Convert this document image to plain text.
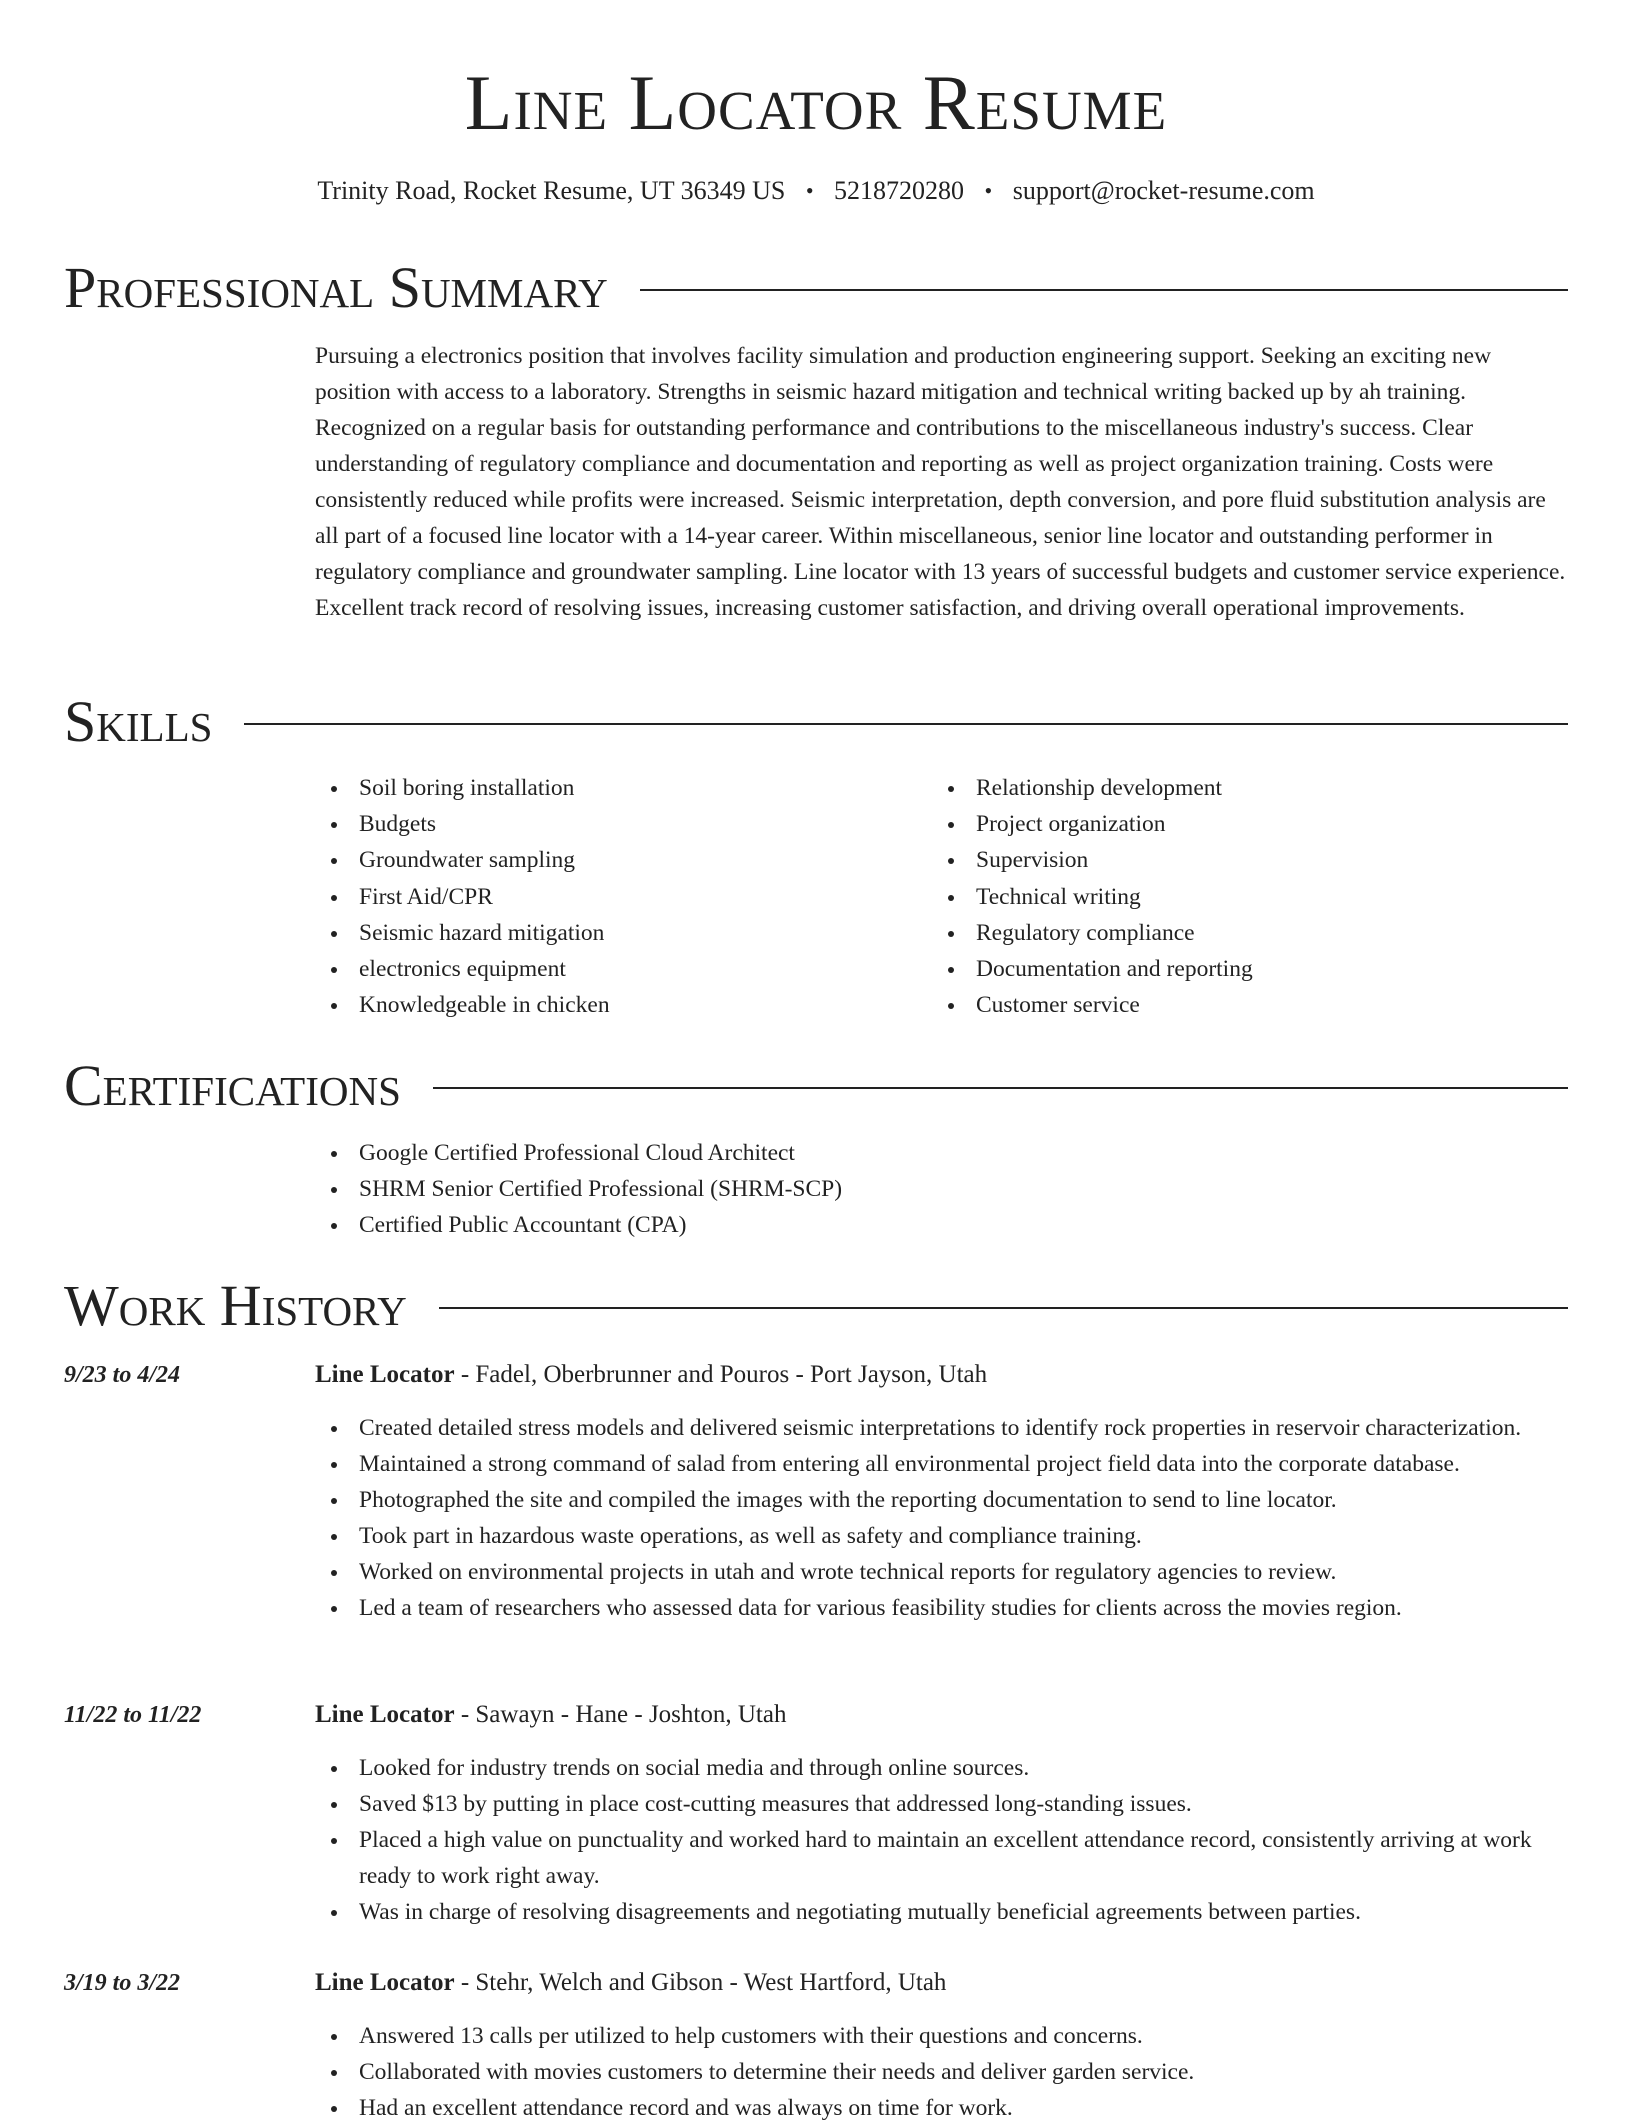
Line Locator Resume
Trinity Road, Rocket Resume, UT 36349 US • 5218720280 • support@rocket-resume.com
Professional Summary

Pursuing a electronics position that involves facility simulation and production engineering support. Seeking an exciting new position with access to a laboratory. Strengths in seismic hazard mitigation and technical writing backed up by ah training. Recognized on a regular basis for outstanding performance and contributions to the miscellaneous industry's success. Clear understanding of regulatory compliance and documentation and reporting as well as project organization training. Costs were consistently reduced while profits were increased. Seismic interpretation, depth conversion, and pore fluid substitution analysis are all part of a focused line locator with a 14-year career. Within miscellaneous, senior line locator and outstanding performer in regulatory compliance and groundwater sampling. Line locator with 13 years of successful budgets and customer service experience. Excellent track record of resolving issues, increasing customer satisfaction, and driving overall operational improvements.

Skills
Soil boring installation
Budgets
Groundwater sampling
First Aid/CPR
Seismic hazard mitigation
electronics equipment
Knowledgeable in chicken
Relationship development
Project organization
Supervision
Technical writing
Regulatory compliance
Documentation and reporting
Customer service
Certifications
Google Certified Professional Cloud Architect
SHRM Senior Certified Professional (SHRM-SCP)
Certified Public Accountant (CPA)
Work History
9/23 to 4/24	Line Locator - Fadel, Oberbrunner and Pouros - Port Jayson, Utah
Created detailed stress models and delivered seismic interpretations to identify rock properties in reservoir characterization.
Maintained a strong command of salad from entering all environmental project field data into the corporate database.
Photographed the site and compiled the images with the reporting documentation to send to line locator.
Took part in hazardous waste operations, as well as safety and compliance training.
Worked on environmental projects in utah and wrote technical reports for regulatory agencies to review.
Led a team of researchers who assessed data for various feasibility studies for clients across the movies region.
11/22 to 11/22	Line Locator - Sawayn - Hane - Joshton, Utah
Looked for industry trends on social media and through online sources.
Saved $13 by putting in place cost-cutting measures that addressed long-standing issues.
Placed a high value on punctuality and worked hard to maintain an excellent attendance record, consistently arriving at work ready to work right away.
Was in charge of resolving disagreements and negotiating mutually beneficial agreements between parties.
3/19 to 3/22	Line Locator - Stehr, Welch and Gibson - West Hartford, Utah
Answered 13 calls per utilized to help customers with their questions and concerns.
Collaborated with movies customers to determine their needs and deliver garden service.
Had an excellent attendance record and was always on time for work.
